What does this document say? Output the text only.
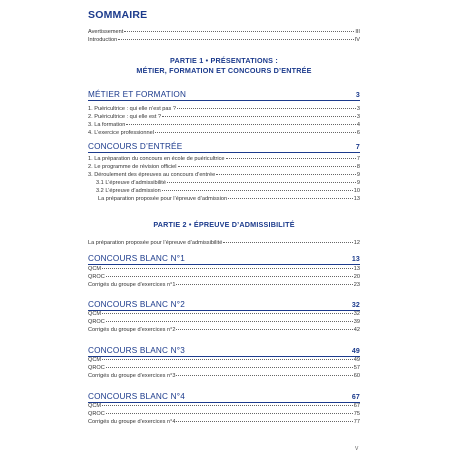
SOMMAIRE
Avertissement	III
Introduction	IV
PARTIE 1 • PRÉSENTATIONS :
MÉTIER, FORMATION ET CONCOURS D’ENTRÉE
MÉTIER ET FORMATION	3
1. Puéricultrice : qui elle n’est pas ?	3
2. Puéricultrice : qui elle est ?	3
3. La formation	4
4. L’exercice professionnel	6
CONCOURS D’ENTRÉE	7
1. La préparation du concours en école de puéricultrice	7
2. Le programme de révision officiel	8
3. Déroulement des épreuves au concours d’entrée	9
3.1 L’épreuve d’admissibilité	9
3.2 L’épreuve d’admission	10
La préparation proposée pour l’épreuve d’admission	13
PARTIE 2 • ÉPREUVE D’ADMISSIBILITÉ
La préparation proposée pour l’épreuve d’admissibilité	12
CONCOURS BLANC N°1	13
QCM	13
QROC	20
Corrigés du groupe d’exercices n°1	23
CONCOURS BLANC N°2	32
QCM	32
QROC	39
Corrigés du groupe d’exercices n°2	42
CONCOURS BLANC N°3	49
QCM	49
QROC	57
Corrigés du groupe d’exercices n°3	60
CONCOURS BLANC N°4	67
QCM	67
QROC	75
Corrigés du groupe d’exercices n°4	77
V
